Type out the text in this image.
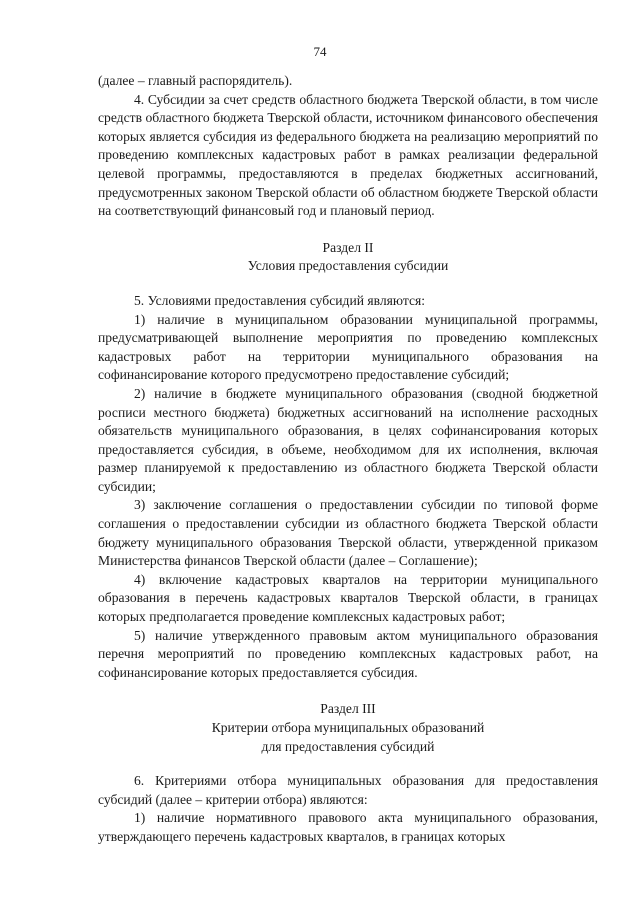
74

(далее – главный распорядитель).

4. Субсидии за счет средств областного бюджета Тверской области, в том числе средств областного бюджета Тверской области, источником финансового обеспечения которых является субсидия из федерального бюджета на реализацию мероприятий по проведению комплексных кадастровых работ в рамках реализации федеральной целевой программы, предоставляются в пределах бюджетных ассигнований, предусмотренных законом Тверской области об областном бюджете Тверской области на соответствующий финансовый год и плановый период.

Раздел II

Условия предоставления субсидии

5. Условиями предоставления субсидий являются:

1) наличие в муниципальном образовании муниципальной программы, предусматривающей выполнение мероприятия по проведению комплексных кадастровых работ на территории муниципального образования на софинансирование которого предусмотрено предоставление субсидий;

2) наличие в бюджете муниципального образования (сводной бюджетной росписи местного бюджета) бюджетных ассигнований на исполнение расходных обязательств муниципального образования, в целях софинансирования которых предоставляется субсидия, в объеме, необходимом для их исполнения, включая размер планируемой к предоставлению из областного бюджета Тверской области субсидии;

3) заключение соглашения о предоставлении субсидии по типовой форме соглашения о предоставлении субсидии из областного бюджета Тверской области бюджету муниципального образования Тверской области, утвержденной приказом Министерства финансов Тверской области (далее – Соглашение);

4) включение кадастровых кварталов на территории муниципального образования в перечень кадастровых кварталов Тверской области, в границах которых предполагается проведение комплексных кадастровых работ;

5) наличие утвержденного правовым актом муниципального образования перечня мероприятий по проведению комплексных кадастровых работ, на софинансирование которых предоставляется субсидия.

Раздел III

Критерии отбора муниципальных образований

для предоставления субсидий

6. Критериями отбора муниципальных образования для предоставления субсидий (далее – критерии отбора) являются:

1) наличие нормативного правового акта муниципального образования, утверждающего перечень кадастровых кварталов, в границах которых
